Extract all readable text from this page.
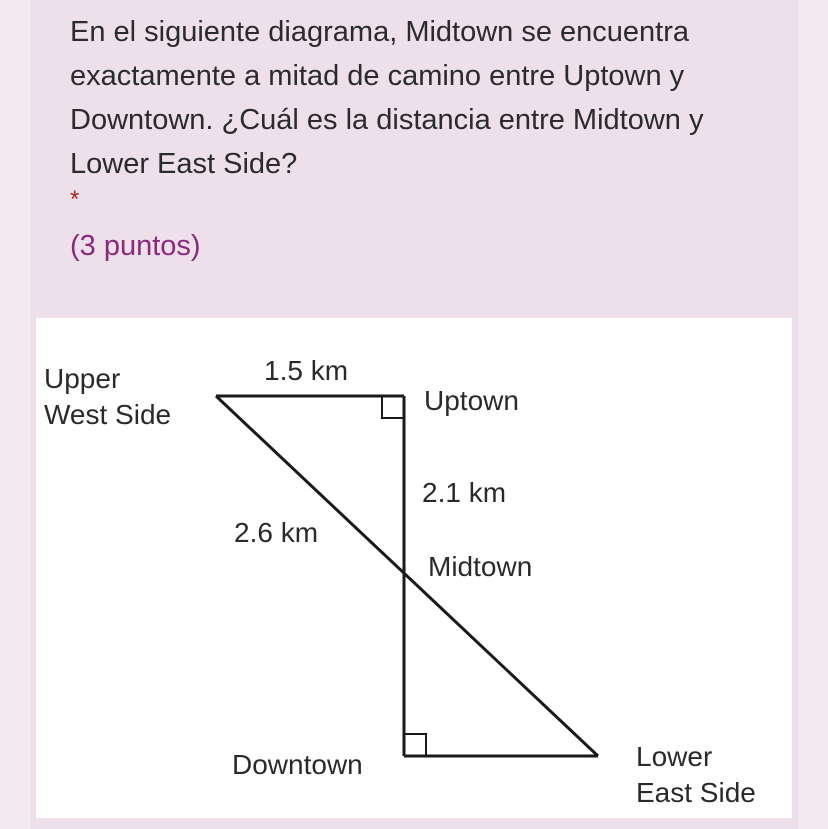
En el siguiente diagrama, Midtown se encuentra exactamente a mitad de camino entre Uptown y Downtown. ¿Cuál es la distancia entre Midtown y Lower East Side?

*
(3 puntos)
Upper
West Side
1.5 km
Uptown
2.1 km
2.6 km
Midtown
Downtown	Lower
East Side
